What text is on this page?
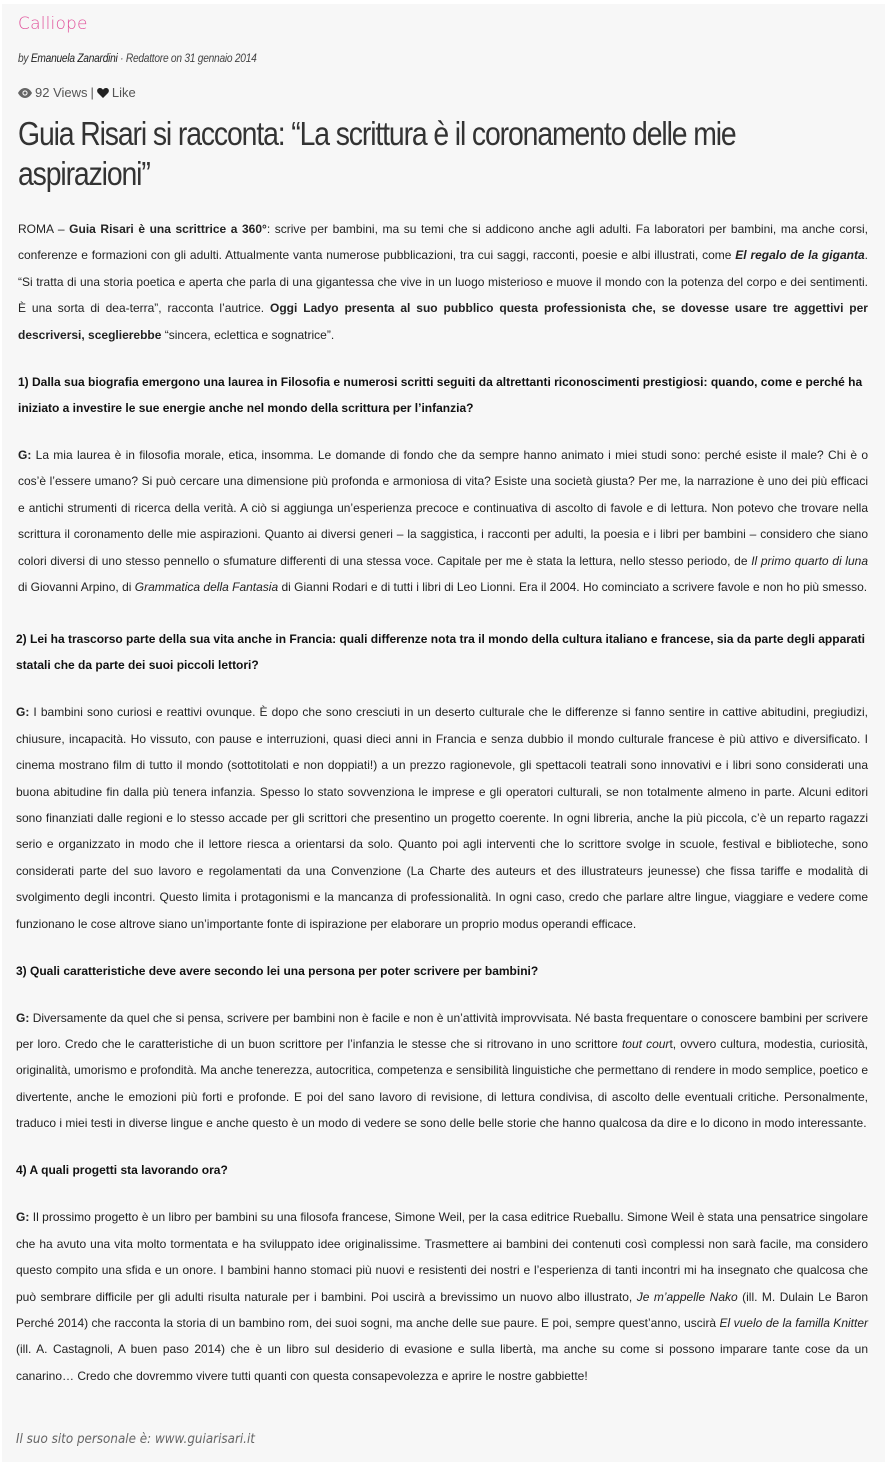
Calliope
by Emanuela Zanardini · Redattore on 31 gennaio 2014
92 Views | Like
Guia Risari si racconta: “La scrittura è il coronamento delle mie aspirazioni”

ROMA – Guia Risari è una scrittrice a 360°: scrive per bambini, ma su temi che si addicono anche agli adulti. Fa laboratori per bambini, ma anche corsi, conferenze e formazioni con gli adulti. Attualmente vanta numerose pubblicazioni, tra cui saggi, racconti, poesie e albi illustrati, come El regalo de la giganta. “Si tratta di una storia poetica e aperta che parla di una gigantessa che vive in un luogo misterioso e muove il mondo con la potenza del corpo e dei sentimenti. È una sorta di dea-terra”, racconta l’autrice. Oggi Ladyo presenta al suo pubblico questa professionista che, se dovesse usare tre aggettivi per descriversi, sceglierebbe “sincera, eclettica e sognatrice”.

1) Dalla sua biografia emergono una laurea in Filosofia e numerosi scritti seguiti da altrettanti riconoscimenti prestigiosi: quando, come e perché ha iniziato a investire le sue energie anche nel mondo della scrittura per l’infanzia?

G: La mia laurea è in filosofia morale, etica, insomma. Le domande di fondo che da sempre hanno animato i miei studi sono: perché esiste il male? Chi è o cos’è l’essere umano? Si può cercare una dimensione più profonda e armoniosa di vita? Esiste una società giusta? Per me, la narrazione è uno dei più efficaci e antichi strumenti di ricerca della verità. A ciò si aggiunga un’esperienza precoce e continuativa di ascolto di favole e di lettura. Non potevo che trovare nella scrittura il coronamento delle mie aspirazioni. Quanto ai diversi generi – la saggistica, i racconti per adulti, la poesia e i libri per bambini – considero che siano colori diversi di uno stesso pennello o sfumature differenti di una stessa voce. Capitale per me è stata la lettura, nello stesso periodo, de Il primo quarto di luna di Giovanni Arpino, di Grammatica della Fantasia di Gianni Rodari e di tutti i libri di Leo Lionni. Era il 2004. Ho cominciato a scrivere favole e non ho più smesso.

2) Lei ha trascorso parte della sua vita anche in Francia: quali differenze nota tra il mondo della cultura italiano e francese, sia da parte degli apparati statali che da parte dei suoi piccoli lettori?

G: I bambini sono curiosi e reattivi ovunque. È dopo che sono cresciuti in un deserto culturale che le differenze si fanno sentire in cattive abitudini, pregiudizi, chiusure, incapacità. Ho vissuto, con pause e interruzioni, quasi dieci anni in Francia e senza dubbio il mondo culturale francese è più attivo e diversificato. I cinema mostrano film di tutto il mondo (sottotitolati e non doppiati!) a un prezzo ragionevole, gli spettacoli teatrali sono innovativi e i libri sono considerati una buona abitudine fin dalla più tenera infanzia. Spesso lo stato sovvenziona le imprese e gli operatori culturali, se non totalmente almeno in parte. Alcuni editori sono finanziati dalle regioni e lo stesso accade per gli scrittori che presentino un progetto coerente. In ogni libreria, anche la più piccola, c’è un reparto ragazzi serio e organizzato in modo che il lettore riesca a orientarsi da solo. Quanto poi agli interventi che lo scrittore svolge in scuole, festival e biblioteche, sono considerati parte del suo lavoro e regolamentati da una Convenzione (La Charte des auteurs et des illustrateurs jeunesse) che fissa tariffe e modalità di svolgimento degli incontri. Questo limita i protagonismi e la mancanza di professionalità. In ogni caso, credo che parlare altre lingue, viaggiare e vedere come funzionano le cose altrove siano un’importante fonte di ispirazione per elaborare un proprio modus operandi efficace.

3) Quali caratteristiche deve avere secondo lei una persona per poter scrivere per bambini?

G: Diversamente da quel che si pensa, scrivere per bambini non è facile e non è un’attività improvvisata. Né basta frequentare o conoscere bambini per scrivere per loro. Credo che le caratteristiche di un buon scrittore per l’infanzia le stesse che si ritrovano in uno scrittore tout court, ovvero cultura, modestia, curiosità, originalità, umorismo e profondità. Ma anche tenerezza, autocritica, competenza e sensibilità linguistiche che permettano di rendere in modo semplice, poetico e divertente, anche le emozioni più forti e profonde. E poi del sano lavoro di revisione, di lettura condivisa, di ascolto delle eventuali critiche. Personalmente, traduco i miei testi in diverse lingue e anche questo è un modo di vedere se sono delle belle storie che hanno qualcosa da dire e lo dicono in modo interessante.

4) A quali progetti sta lavorando ora?

G: Il prossimo progetto è un libro per bambini su una filosofa francese, Simone Weil, per la casa editrice Rueballu. Simone Weil è stata una pensatrice singolare che ha avuto una vita molto tormentata e ha sviluppato idee originalissime. Trasmettere ai bambini dei contenuti così complessi non sarà facile, ma considero questo compito una sfida e un onore. I bambini hanno stomaci più nuovi e resistenti dei nostri e l’esperienza di tanti incontri mi ha insegnato che qualcosa che può sembrare difficile per gli adulti risulta naturale per i bambini. Poi uscirà a brevissimo un nuovo albo illustrato, Je m’appelle Nako (ill. M. Dulain Le Baron Perché 2014) che racconta la storia di un bambino rom, dei suoi sogni, ma anche delle sue paure. E poi, sempre quest’anno, uscirà El vuelo de la familla Knitter (ill. A. Castagnoli, A buen paso 2014) che è un libro sul desiderio di evasione e sulla libertà, ma anche su come si possono imparare tante cose da un canarino… Credo che dovremmo vivere tutti quanti con questa consapevolezza e aprire le nostre gabbiette!

Il suo sito personale è: www.guiarisari.it
